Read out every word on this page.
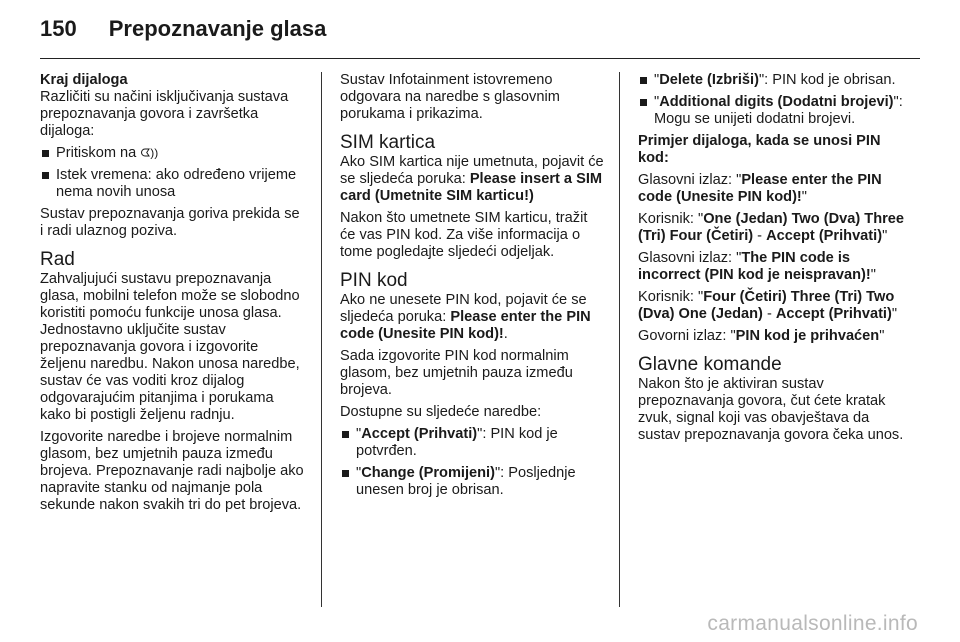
150 Prepoznavanje glasa

Kraj dijaloga

Različiti su načini isključivanja sustava prepoznavanja govora i završetka dijaloga:

Pritiskom na ᗧ))
Istek vremena: ako određeno vrijeme nema novih unosa

Sustav prepoznavanja goriva prekida se i radi ulaznog poziva.

Rad

Zahvaljujući sustavu prepoznavanja glasa, mobilni telefon može se slobodno koristiti pomoću funkcije unosa glasa. Jednostavno uključite sustav prepoznavanja govora i izgovorite željenu naredbu. Nakon unosa naredbe, sustav će vas voditi kroz dijalog odgovarajućim pitanjima i porukama kako bi postigli željenu radnju.

Izgovorite naredbe i brojeve normalnim glasom, bez umjetnih pauza između brojeva. Prepoznavanje radi najbolje ako napravite stanku od najmanje pola sekunde nakon svakih tri do pet brojeva.

Sustav Infotainment istovremeno odgovara na naredbe s glasovnim porukama i prikazima.

SIM kartica

Ako SIM kartica nije umetnuta, pojavit će se sljedeća poruka: Please insert a SIM card (Umetnite SIM karticu!)

Nakon što umetnete SIM karticu, tražit će vas PIN kod. Za više informacija o tome pogledajte sljedeći odjeljak.

PIN kod

Ako ne unesete PIN kod, pojavit će se sljedeća poruka: Please enter the PIN code (Unesite PIN kod)!.

Sada izgovorite PIN kod normalnim glasom, bez umjetnih pauza između brojeva.

Dostupne su sljedeće naredbe:

"Accept (Prihvati)": PIN kod je potvrđen.
"Change (Promijeni)": Posljednje unesen broj je obrisan.
"Delete (Izbriši)": PIN kod je obrisan.
"Additional digits (Dodatni brojevi)": Mogu se unijeti dodatni brojevi.

Primjer dijaloga, kada se unosi PIN kod:

Glasovni izlaz: "Please enter the PIN code (Unesite PIN kod)!"

Korisnik: "One (Jedan) Two (Dva) Three (Tri) Four (Četiri) - Accept (Prihvati)"

Glasovni izlaz: "The PIN code is incorrect (PIN kod je neispravan)!"

Korisnik: "Four (Četiri) Three (Tri) Two (Dva) One (Jedan) - Accept (Prihvati)"

Govorni izlaz: "PIN kod je prihvaćen"

Glavne komande

Nakon što je aktiviran sustav prepoznavanja govora, čut ćete kratak zvuk, signal koji vas obavještava da sustav prepoznavanja govora čeka unos.

carmanualsonline.info
